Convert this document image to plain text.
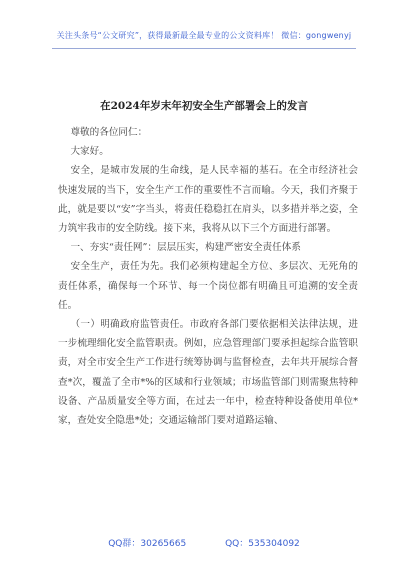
关注头条号“公文研究”，获得最新最全最专业的公文资料库！ 微信：gongwenyj
在2024年岁末年初安全生产部署会上的发言

尊敬的各位同仁：

大家好。

安全，是城市发展的生命线，是人民幸福的基石。在全市经济社会快速发展的当下，安全生产工作的重要性不言而喻。今天，我们齐聚于此，就是要以“安”字当头，将责任稳稳扛在肩头，以多措并举之姿，全力筑牢我市的安全防线。接下来，我将从以下三个方面进行部署。

一、夯实“责任网”：层层压实，构建严密安全责任体系

安全生产，责任为先。我们必须构建起全方位、多层次、无死角的责任体系，确保每一个环节、每一个岗位都有明确且可追溯的安全责任。

（一）明确政府监管责任。市政府各部门要依据相关法律法规，进一步梳理细化安全监管职责。例如，应急管理部门要承担起综合监管职责，对全市安全生产工作进行统筹协调与监督检查，去年共开展综合督查*次，覆盖了全市*%的区域和行业领域；市场监管部门则需聚焦特种设备、产品质量安全等方面，在过去一年中，检查特种设备使用单位*家，查处安全隐患*处；交通运输部门要对道路运输、

QQ群：30265665	QQ：535304092
